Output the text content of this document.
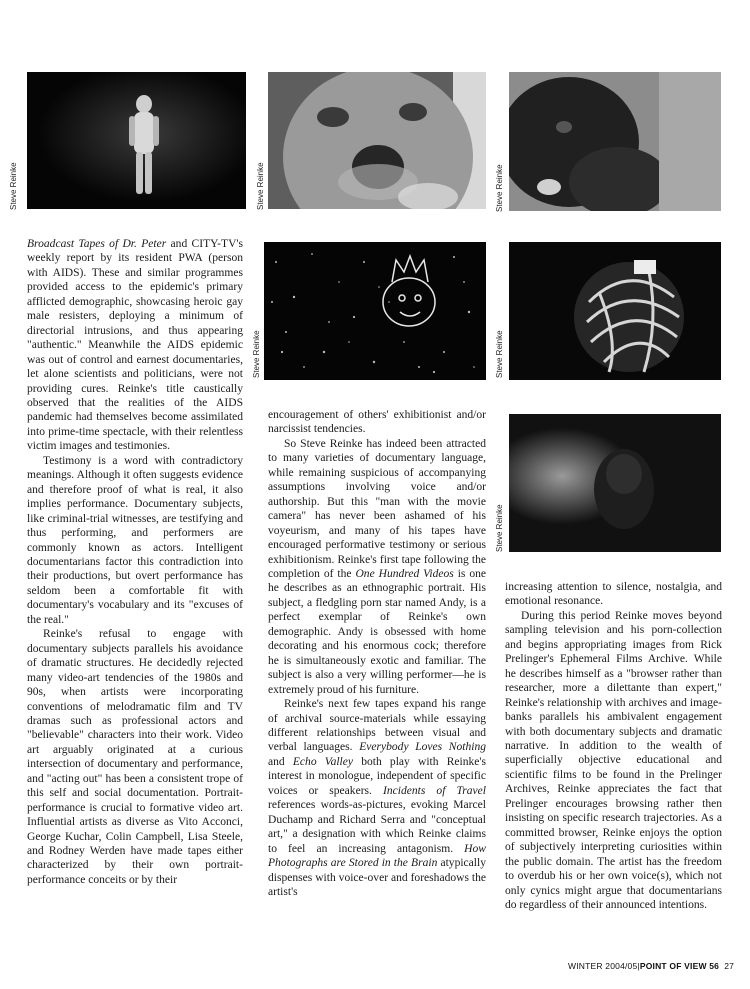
Steve Reinke	Steve Reinke	Steve Reinke
Steve Reinke	Steve Reinke
Steve Reinke

Broadcast Tapes of Dr. Peter and CITY-TV's weekly report by its resident PWA (person with AIDS). These and similar programmes provided access to the epidemic's primary afflicted demographic, showcasing heroic gay male resisters, deploying a minimum of directorial intrusions, and thus appearing "authentic." Meanwhile the AIDS epidemic was out of control and earnest documentaries, let alone scientists and politicians, were not providing cures. Reinke's title caustically observed that the realities of the AIDS pandemic had themselves become assimilated into prime-time spectacle, with their relentless victim images and testimonies.

Testimony is a word with contradictory meanings. Although it often suggests evidence and therefore proof of what is real, it also implies performance. Documentary subjects, like criminal-trial witnesses, are testifying and thus performing, and performers are commonly known as actors. Intelligent documentarians factor this contradiction into their productions, but overt performance has seldom been a comfortable fit with documentary's vocabulary and its "excuses of the real."

Reinke's refusal to engage with documentary subjects parallels his avoidance of dramatic structures. He decidedly rejected many video-art tendencies of the 1980s and 90s, when artists were incorporating conventions of melodramatic film and TV dramas such as professional actors and "believable" characters into their work. Video art arguably originated at a curious intersection of documentary and performance, and "acting out" has been a consistent trope of this self and social documentation. Portrait-performance is crucial to formative video art. Influential artists as diverse as Vito Acconci, George Kuchar, Colin Campbell, Lisa Steele, and Rodney Werden have made tapes either characterized by their own portrait-performance conceits or by their

encouragement of others' exhibitionist and/or narcissist tendencies.

So Steve Reinke has indeed been attracted to many varieties of documentary language, while remaining suspicious of accompanying assumptions involving voice and/or authorship. But this "man with the movie camera" has never been ashamed of his voyeurism, and many of his tapes have encouraged performative testimony or serious exhibitionism. Reinke's first tape following the completion of the One Hundred Videos is one he describes as an ethnographic portrait. His subject, a fledgling porn star named Andy, is a perfect exemplar of Reinke's own demographic. Andy is obsessed with home decorating and his enormous cock; therefore he is simultaneously exotic and familiar. The subject is also a very willing performer—he is extremely proud of his furniture.

Reinke's next few tapes expand his range of archival source-materials while essaying different relationships between visual and verbal languages. Everybody Loves Nothing and Echo Valley both play with Reinke's interest in monologue, independent of specific voices or speakers. Incidents of Travel references words-as-pictures, evoking Marcel Duchamp and Richard Serra and "conceptual art," a designation with which Reinke claims to feel an increasing antagonism. How Photographs are Stored in the Brain atypically dispenses with voice-over and foreshadows the artist's

increasing attention to silence, nostalgia, and emotional resonance.

During this period Reinke moves beyond sampling television and his porn-collection and begins appropriating images from Rick Prelinger's Ephemeral Films Archive. While he describes himself as a "browser rather than researcher, more a dilettante than expert," Reinke's relationship with archives and image-banks parallels his ambivalent engagement with both documentary subjects and dramatic narrative. In addition to the wealth of superficially objective educational and scientific films to be found in the Prelinger Archives, Reinke appreciates the fact that Prelinger encourages browsing rather then insisting on specific research trajectories. As a committed browser, Reinke enjoys the option of subjectively interpreting curiosities within the public domain. The artist has the freedom to overdub his or her own voice(s), which not only cynics might argue that documentarians do regardless of their announced intentions.

WINTER 2004/05|POINT OF VIEW 56 27
